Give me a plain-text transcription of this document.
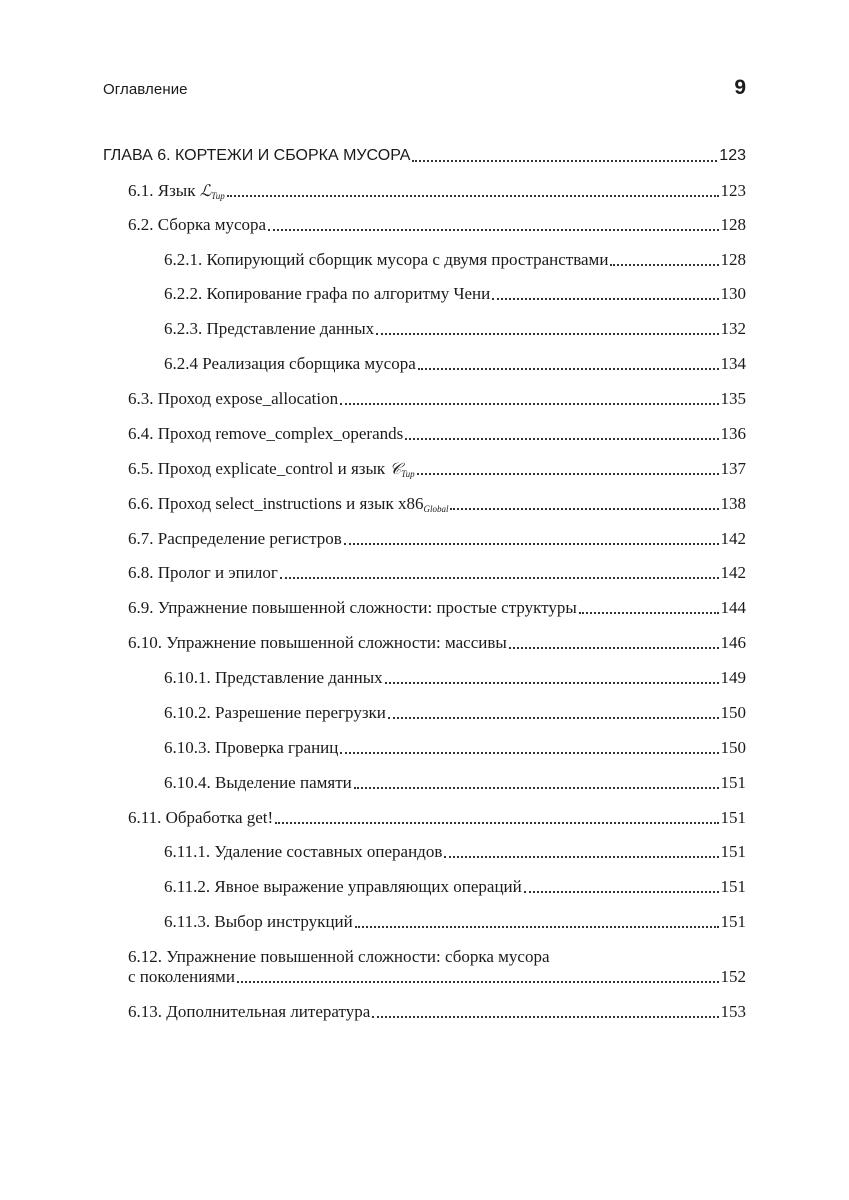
Оглавление	9
ГЛАВА 6. КОРТЕЖИ И СБОРКА МУСОРА	123
6.1. Язык ℒ$_{Tup}$	123
6.2. Сборка мусора	128
6.2.1. Копирующий сборщик мусора с двумя пространствами	128
6.2.2. Копирование графа по алгоритму Чени	130
6.2.3. Представление данных	132
6.2.4 Реализация сборщика мусора	134
6.3. Проход expose_allocation	135
6.4. Проход remove_complex_operands	136
6.5. Проход explicate_control и язык 𝒞$_{Tup}$	137
6.6. Проход select_instructions и язык $x86_{Global}$	138
6.7. Распределение регистров	142
6.8. Пролог и эпилог	142
6.9. Упражнение повышенной сложности: простые структуры	144
6.10. Упражнение повышенной сложности: массивы	146
6.10.1. Представление данных	149
6.10.2. Разрешение перегрузки	150
6.10.3. Проверка границ	150
6.10.4. Выделение памяти	151
6.11. Обработка get!	151
6.11.1. Удаление составных операндов	151
6.11.2. Явное выражение управляющих операций	151
6.11.3. Выбор инструкций	151
6.12. Упражнение повышенной сложности: сборка мусора
с поколениями	152
6.13. Дополнительная литература	153
